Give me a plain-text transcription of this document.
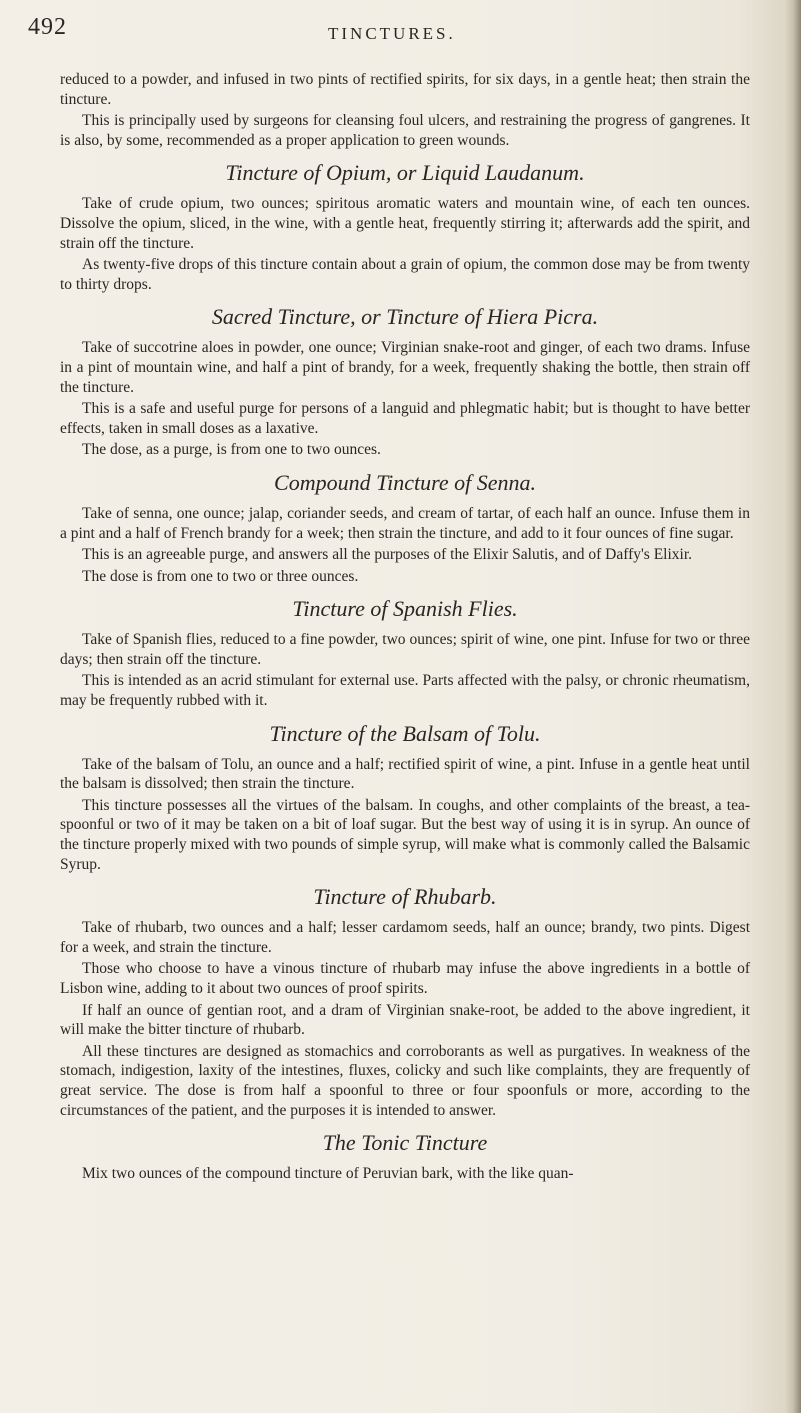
492	TINCTURES.

reduced to a powder, and infused in two pints of rectified spirits, for six days, in a gentle heat; then strain the tincture.

This is principally used by surgeons for cleansing foul ulcers, and restraining the progress of gangrenes. It is also, by some, recommended as a proper application to green wounds.

Tincture of Opium, or Liquid Laudanum.

Take of crude opium, two ounces; spiritous aromatic waters and mountain wine, of each ten ounces. Dissolve the opium, sliced, in the wine, with a gentle heat, frequently stirring it; afterwards add the spirit, and strain off the tincture.

As twenty-five drops of this tincture contain about a grain of opium, the common dose may be from twenty to thirty drops.

Sacred Tincture, or Tincture of Hiera Picra.

Take of succotrine aloes in powder, one ounce; Virginian snake-root and ginger, of each two drams. Infuse in a pint of mountain wine, and half a pint of brandy, for a week, frequently shaking the bottle, then strain off the tincture.

This is a safe and useful purge for persons of a languid and phlegmatic habit; but is thought to have better effects, taken in small doses as a laxative.

The dose, as a purge, is from one to two ounces.

Compound Tincture of Senna.

Take of senna, one ounce; jalap, coriander seeds, and cream of tartar, of each half an ounce. Infuse them in a pint and a half of French brandy for a week; then strain the tincture, and add to it four ounces of fine sugar.

This is an agreeable purge, and answers all the purposes of the Elixir Salutis, and of Daffy's Elixir.

The dose is from one to two or three ounces.

Tincture of Spanish Flies.

Take of Spanish flies, reduced to a fine powder, two ounces; spirit of wine, one pint. Infuse for two or three days; then strain off the tincture.

This is intended as an acrid stimulant for external use. Parts affected with the palsy, or chronic rheumatism, may be frequently rubbed with it.

Tincture of the Balsam of Tolu.

Take of the balsam of Tolu, an ounce and a half; rectified spirit of wine, a pint. Infuse in a gentle heat until the balsam is dissolved; then strain the tincture.

This tincture possesses all the virtues of the balsam. In coughs, and other complaints of the breast, a tea-spoonful or two of it may be taken on a bit of loaf sugar. But the best way of using it is in syrup. An ounce of the tincture properly mixed with two pounds of simple syrup, will make what is commonly called the Balsamic Syrup.

Tincture of Rhubarb.

Take of rhubarb, two ounces and a half; lesser cardamom seeds, half an ounce; brandy, two pints. Digest for a week, and strain the tincture.

Those who choose to have a vinous tincture of rhubarb may infuse the above ingredients in a bottle of Lisbon wine, adding to it about two ounces of proof spirits.

If half an ounce of gentian root, and a dram of Virginian snake-root, be added to the above ingredient, it will make the bitter tincture of rhubarb.

All these tinctures are designed as stomachics and corroborants as well as purgatives. In weakness of the stomach, indigestion, laxity of the intestines, fluxes, colicky and such like complaints, they are frequently of great service. The dose is from half a spoonful to three or four spoonfuls or more, according to the circumstances of the patient, and the purposes it is intended to answer.

The Tonic Tincture

Mix two ounces of the compound tincture of Peruvian bark, with the like quan-
